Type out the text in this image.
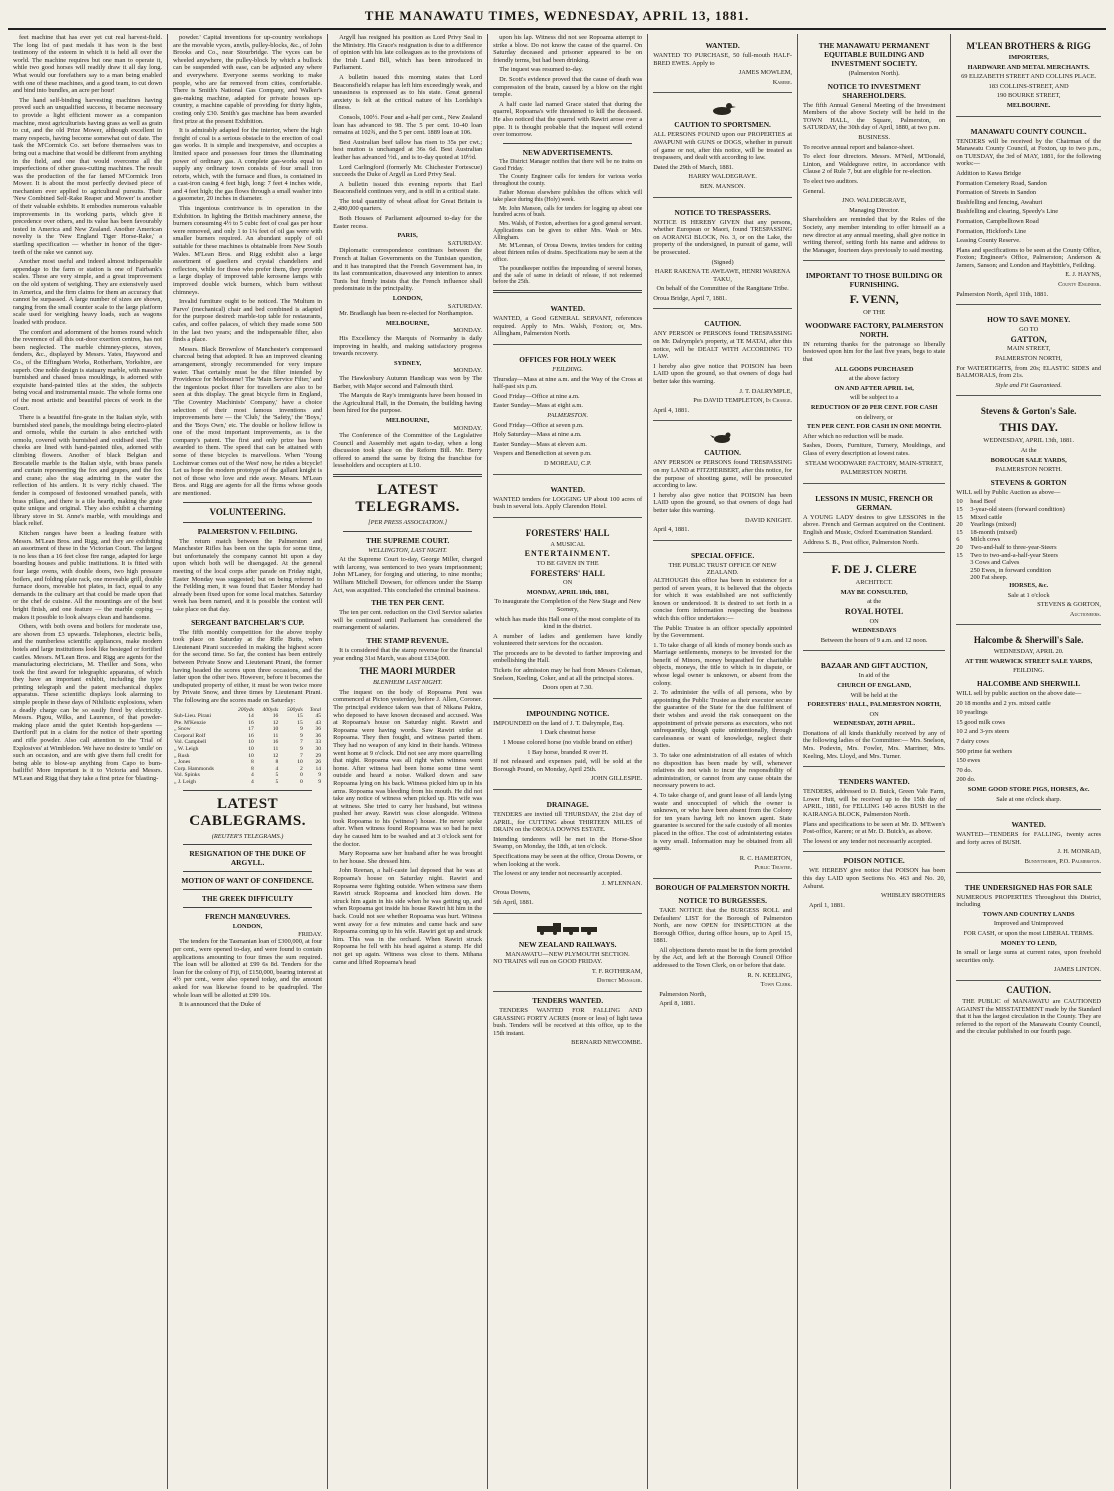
THE MANAWATU TIMES, WEDNESDAY, APRIL 13, 1881.

feet machine that has ever yet cut real harvest-field. The long list of past medals it has won is the best testimony of the esteem in which it is held all over the world. The machine requires but one man to operate it, while two good horses will readily draw it all day long. What would our forefathers say to a man being enabled with one of these machines, and a good team, to cut down and bind into bundles, an acre per hour!

The hand self-binding harvesting machines having proved such an unqualified success, it became necessary to provide a light efficient mower as a companion machine, most agriculturists having grass as well as grain to cut, and the old Prize Mower, although excellent in many respects, having become somewhat out of date. The task the M'Cormick Co. set before themselves was to bring out a machine that would be different from anything in the field, and one that would overcome all the imperfections of other grass-cutting machines. The result was the production of the far famed M'Cormick Iron Mower. It is about the most perfectly devised piece of mechanism ever applied to agricultural pursuits. Their 'New Combined Self-Rake Reaper and Mower' is another of their valuable exhibits. It embodies numerous valuable improvements in its working parts, which give it precedence over others, and its value has been favourably tested in America and New Zealand. Another American novelty is the 'New England Tiger Horse-Rake,' a startling specification — whether in honor of the tiger-teeth of the rake we cannot say.

Another most useful and indeed almost indispensable appendage to the farm or station is one of Fairbank's scales. These are very simple, and a great improvement on the old system of weighing. They are extensively used in America, and the firm claims for them an accuracy that cannot be surpassed. A large number of sizes are shown, ranging from the small counter scale to the large platform scale used for weighing heavy loads, such as wagons loaded with produce.

The comfort and adornment of the homes round which the reverence of all this out-door exertion centres, has not been neglected. The marble chimney-pieces, stoves, fenders, &c., displayed by Messrs. Yates, Haywood and Co., of the Effingham Works, Rotherham, Yorkshire, are superb. One noble design is statuary marble, with massive burnished and chased brass mouldings, is adorned with exquisite hand-painted tiles at the sides, the subjects being vocal and instrumental music. The whole forms one of the most artistic and beautiful pieces of work in the Court.

There is a beautiful fire-grate in the Italian style, with burnished steel panels, the mouldings being electro-plated and ormolu, while the curtain is also enriched with ormolu, covered with burnished and oxidised steel. The cheeks are lined with hand-painted tiles, adorned with climbing flowers. Another of black Belgian and Brocatelle marble is the Italian style, with brass panels and curtain representing the fox and grapes, and the fox and crane; also the stag admiring in the water the reflection of his antlers. It is very richly chased. The fender is composed of festooned wreathed panels, with brass pillars, and there is a tile hearth, making the grate quite unique and original. They also exhibit a charming library stove in St. Anne's marble, with mouldings and black relief.

Kitchen ranges have been a leading feature with Messrs. M'Lean Bros. and Rigg, and they are exhibiting an assortment of these in the Victorian Court. The largest is no less than a 16 feet close fire range, adapted for large boarding houses and public institutions. It is fitted with four large ovens, with double doors, two high pressure boilers, and folding plate rack, one moveable grill, double furnace doors, movable hot plates, in fact, equal to any demands in the culinary art that could be made upon that or the chef de cuisine. All the mountings are of the best bright finish, and one feature — the marble coping — makes it possible to look always clean and handsome.

Others, with both ovens and boilers for moderate use, are shown from £3 upwards. Telephones, electric bells, and the numberless scientific appliances, make modern hotels and large institutions look like besieged or fortified castles. Messrs. M'Lean Bros. and Rigg are agents for the manufacturing electricians, M. Theiller and Sons, who took the first award for telegraphic apparatus, of which they have an important exhibit, including the type printing telegraph and the patent mechanical duplex apparatus. These scientific displays look alarming to simple people in these days of Nihilistic explosions, when a deadly charge can be so easily fired by electricity. Messrs. Pigou, Wilks, and Laurence, of that powder-making place amid the quiet Kentish hop-gardens — Dartford! put in a claim for the notice of their sporting and rifle powder. Also call attention to the 'Trial of Explosives' at Wimbledon. We have no desire to 'smile' on such an occasion, and are with give them full credit for being able to blow-up anything from Capo to bum-bailiffs! More important is it to Victoria and Messrs. M'Lean and Rigg that they take a first prize for 'blasting-

powder.' Capital inventions for up-country workshops are the movable vyces, anvils, pulley-blocks, &c., of John Brooks and Co., near Stourbridge. The vyces can be wheeled anywhere, the pulley-block by which a bullock can be suspended with ease, can be adjusted any where and everywhere. Everyone seems working to make people, who are far removed from cities, comfortable. There is Smith's National Gas Company, and Walker's gas-making machine, adapted for private houses up-country, a machine capable of providing for thirty lights, costing only £30. Smith's gas machine has been awarded first prize at the present Exhibition.

It is admirably adapted for the interior, where the high freight of coal is a serious obstacle to the erection of coal gas works. It is simple and inexpensive, and occupies a limited space and possesses four times the illuminating power of ordinary gas. A complete gas-works equal to supply any ordinary town consists of four small iron retorts, which, with the furnace and flues, is contained in a cast-iron casing 4 feet high, long: 7 feet 4 inches wide, and 4 feet high; the gas flows through a small washer into a gasometer, 20 inches in diameter.

This ingenious contrivance is in operation in the Exhibition. In lighting the British machinery annexe, the burners consuming 4½ to 5 cubic feet of coal gas per hour were removed, and only 1 to 1¼ feet of oil gas were with smaller burners required. An abundant supply of oil suitable for these machines is obtainable from New South Wales. M'Lean Bros. and Rigg exhibit also a large assortment of gaseliers and crystal chandeliers and reflectors, while for those who prefer them, they provide a large display of improved table kerosene lamps with improved double wick burners, which burn without chimneys.

Invalid furniture ought to be noticed. The 'Multum in Parvo' (mechanical) chair and bed combined is adapted for the purpose desired: marble-top table for restaurants, cafes, and coffee palaces, of which they made some 500 in the last two years; and the indispensable filter, also finds a place.

Messrs. Black Brownlow of Manchester's compressed charcoal being that adopted. It has an improved cleaning arrangement, strongly recommended for very impure water. That certainly must be the filter intended by Providence for Melbourne! The 'Main Service Filter,' and the ingenious pocket filter for travellers are also to be seen at this display. The great bicycle firm in England, 'The Coventry Machinists' Company,' have a choice selection of their most famous inventions and improvements here — the 'Club,' the 'Safety,' the 'Boys,' and the 'Boys Own,' etc. The double or hollow fellow is one of the most important improvements, as is the company's patent. The first and only prize has been awarded to them. The speed that can be attained with some of these bicycles is marvellous. When 'Young Lochinvar comes out of the West' now, he rides a bicycle! Let us hope the modern prototype of the gallant knight is not of those who love and ride away. Messrs. M'Lean Bros. and Rigg are agents for all the firms whose goods are mentioned.

VOLUNTEERING.
PALMERSTON V. FEILDING.

The return match between the Palmerston and Manchester Rifles has been on the tapis for some time, but unfortunately the company cannot hit upon a day upon which both will be disengaged. At the general meeting of the local corps after parade on Friday night, Easter Monday was suggested; but on being referred to the Feilding men, it was found that Easter Monday had already been fixed upon for some local matches. Saturday week has been named, and it is possible the contest will take place on that day.

SERGEANT BATCHELAR'S CUP.

The fifth monthly competition for the above trophy took place on Saturday at the Rifle Butts, when Lieutenant Pirani succeeded in making the highest score for the second time. So far, the contest has been entirely between Private Snow and Lieutenant Pirani, the former having headed the scores upon three occasions, and the latter upon the other two. However, before it becomes the undisputed property of either, it must be won twice more by Private Snow, and three times by Lieutenant Pirani. The following are the scores made on Saturday:

	200yds	400yds	500yds	Total
Sub-Lieu. Pirani	14	16	15	45
Pte. M'Kenzie	16	12	15	43
„ Snow	17	10	9	36
Corporal Rolf	16	11	9	36
Vol. Campbell	10	16	7	33
„ W. Leigh	10	11	9	30
„ Rush	10	12	7	29
„ Jones	8	8	10	26
Corp. Hammonds	8	4	2	14
Vol. Spinks	4	5	0	9
„ J. Leigh	4	5	0	9
LATEST CABLEGRAMS.
(REUTER'S TELEGRAMS.)
RESIGNATION OF THE DUKE OF ARGYLL.
MOTION OF WANT OF CONFIDENCE.
THE GREEK DIFFICULTY
FRENCH MANŒUVRES.
LONDON,
FRIDAY.

The tenders for the Tasmanian loan of £300,000, at four per cent., were opened to-day, and were found to contain applications amounting to four times the sum required. The loan will be allotted at £99 6s 8d. Tenders for the loan for the colony of Fiji, of £150,000, bearing interest at 4½ per cent., were also opened today, and the amount asked for was likewise found to be quadrupled. The whole loan will be allotted at £99 10s.

It is announced that the Duke of

Argyll has resigned his position as Lord Privy Seal in the Ministry. His Grace's resignation is due to a difference of opinion with his late colleagues as to the provisions of the Irish Land Bill, which has been introduced in Parliament.

A bulletin issued this morning states that Lord Beaconsfield's relapse has left him exceedingly weak, and uneasiness is expressed as to his state. Great general anxiety is felt at the critical nature of his Lordship's illness.

Consols, 100½. Four and a-half per cent., New Zealand loan has advanced to 98. The 5 per cent. 10-40 loan remains at 102¾, and the 5 per cent. 1889 loan at 106.

Best Australian beef tallow has risen to 35s per cwt.; best mutton is unchanged at 36s 6d. Best Australian leather has advanced ½d., and is to-day quoted at 10½d.

Lord Carlingford (formerly Mr. Chichester Fortescue) succeeds the Duke of Argyll as Lord Privy Seal.

A bulletin issued this evening reports that Earl Beaconsfield continues very, and is still in a critical state.

The total quantity of wheat afloat for Great Britain is 2,480,000 quarters.

Both Houses of Parliament adjourned to-day for the Easter recess.

PARIS,
SATURDAY.

Diplomatic correspondence continues between the French at Italian Governments on the Tunisian question, and it has transpired that the French Government has, in its last communication, disavowed any intention to annex Tunis but firmly insists that the French influence shall predominate in the principality.

LONDON,
SATURDAY.

Mr. Bradlaugh has been re-elected for Northampton.

MELBOURNE,
MONDAY.

His Excellency the Marquis of Normanby is daily improving in health, and making satisfactory progress towards recovery.

SYDNEY,
MONDAY.

The Hawkesbury Autumn Handicap was won by The Barber, with Major second and Falmouth third.

The Marquis de Ray's immigrants have been housed in the Agricultural Hall, in the Domain, the building having been hired for the purpose.

MELBOURNE,
MONDAY.

The Conference of the Committee of the Legislative Council and Assembly met again to-day, when a long discussion took place on the Reform Bill. Mr. Berry offered to amend the same by fixing the franchise for lesseholders and occupiers at L10.

LATEST TELEGRAMS.
[PER PRESS ASSOCIATION.]
THE SUPREME COURT.
WELLINGTON, LAST NIGHT.

At the Supreme Court to-day, George Miller, charged with larceny, was sentenced to two years imprisonment; John M'Laney, for forging and uttering, to nine months; William Mitchell Dowsen, for offences under the Stamp Act, was acquitted. This concluded the criminal business.

THE TEN PER CENT.

The ten per cent. reduction on the Civil Service salaries will be continued until Parliament has considered the rearrangement of salaries.

THE STAMP REVENUE.

It is considered that the stamp revenue for the financial year ending 31st March, was about £134,000.

THE MAORI MURDER
BLENHEIM LAST NIGHT.

The inquest on the body of Ropoama Peni was commenced at Picton yesterday, before J. Allen, Coroner. The principal evidence taken was that of Nikana Pakira, who deposed to have known deceased and accused. Was at Ropoama's house on Saturday night. Rawiri and Ropoama were having words. Saw Rawiri strike at Ropoama. They then fought, and witness parted them. They had no weapon of any kind in their hands. Witness went home at 9 o'clock. Did not see any more quarrelling that night. Ropoama was all right when witness went home. After witness had been home some time went outside and heard a noise. Walked down and saw Ropoama lying on his back. Witness picked him up in his arms. Ropoama was bleeding from his mouth. He did not take any notice of witness when picked up. His wife was at witness. She tried to carry her husband, but witness pushed her away. Rawiri was close alongside. Witness took Ropoama to his (witness') house. He never spoke after. When witness found Ropoama was so bad he next day he caused him to be washed and at 3 o'clock sent for the doctor.

Mary Ropoama saw her husband after he was brought to her house. She dressed him.

John Reenan, a half-caste lad deposed that he was at Ropoama's house on Saturday night. Rawiri and Ropoama were fighting outside. When witness saw them Rawiri struck Ropoama and knocked him down. He struck him again in his side when he was getting up, and when Ropoama got inside his house Rawiri hit him in the back. Could not see whether Ropoama was hurt. Witness went away for a few minutes and came back and saw Ropoama coming up to his wife. Rawiri got up and struck him. This was in the orchard. When Rawiri struck Ropoama he fell with his head against a stump. He did not get up again. Witness was close to them. Mihana came and lifted Ropoama's head

upon his lap. Witness did not see Ropoama attempt to strike a blow. Do not know the cause of the quarrel. On Saturday deceased and prisoner appeared to be on friendly terms, but had been drinking.

The inquest was resumed to-day.

Dr. Scott's evidence proved that the cause of death was compression of the brain, caused by a blow on the right temple.

A half caste lad named Grace stated that during the quarrel, Ropoama's wife threatened to kill the deceased. He also noticed that the quarrel with Rawiri arose over a pipe. It is thought probable that the inquest will extend over tomorrow.

NEW ADVERTISEMENTS.

The District Manager notifies that there will be no trains on Good Friday.

The County Engineer calls for tenders for various works throughout the county.

Father Moreau elsewhere publishes the offices which will take place during this (Holy) week.

Mr. John Manson, calls for tenders for logging up about one hundred acres of bush.

Mrs. Walsh, of Foxton, advertises for a good general servant. Applications can be given to either Mrs. Wash or Mrs. Allingham.

Mr. M'Lennan, of Oroua Downs, invites tenders for cutting about thirteen miles of drains. Specifications may be seen at the office.

The poundkeeper notifies the impounding of several horses, and the sale of same in default of release, if not redeemed before the 25th.

WANTED.

WANTED, a Good GENERAL SERVANT, references required. Apply to Mrs. Walsh, Foxton; or, Mrs. Allingham, Palmerston North.

OFFICES FOR HOLY WEEK
FEILDING.

Thursday—Mass at nine a.m. and the Way of the Cross at half-past six p.m.

Good Friday—Office at nine a.m.

Easter Sunday—Mass at eight a.m.

PALMERSTON.

Good Friday—Office at seven p.m.

Holy Saturday—Mass at nine a.m.

Easter Sunday—Mass at eleven a.m.

Vespers and Benediction at seven p.m.

D MOREAU, C.P.

WANTED.

WANTED tenders for LOGGING UP about 100 acres of bush in several lots. Apply Clarendon Hotel.

FORESTERS' HALL

A MUSICAL

ENTERTAINMENT.

TO BE GIVEN IN THE

FORESTERS' HALL

ON

MONDAY, APRIL 18th, 1881,

To inaugurate the Completion of the New Stage and New Scenery,

which has made this Hall one of the most complete of its kind in the district.

A number of ladies and gentlemen have kindly volunteered their services for the occasion.

The proceeds are to be devoted to farther improving and embellishing the Hall.

Tickets for admission may be had from Messrs Coleman, Snelson, Keeling, Coker, and at all the principal stores.

Doors open at 7.30.

IMPOUNDING NOTICE.

IMPOUNDED on the land of J. T. Dalrymple, Esq.

1 Dark chestnut horse

1 Mouse colored horse (no visible brand on either)

1 Bay horse, branded R over H.

If not released and expenses paid, will be sold at the Borough Pound, on Monday, April 25th.

JOHN GILLESPIE.

DRAINAGE.

TENDERS are invited till THURSDAY, the 21st day of APRIL, for CUTTING about THIRTEEN MILES of DRAIN on the OROUA DOWNS ESTATE.

Intending tenderers will be met in the Horse-Shoe Swamp, on Monday, the 18th, at ten o'clock.

Specifications may be seen at the office, Oroua Downs, or when looking at the work.

The lowest or any tender not necessarily accepted.

J. M'LENNAN.

Oroua Downs,

5th April, 1881.

NEW ZEALAND RAILWAYS.
MANAWATU—NEW PLYMOUTH SECTION.

NO TRAINS will run on GOOD FRIDAY.

T. F. ROTHERAM,

District Manager.

TENDERS WANTED.

TENDERS WANTED FOR FALLING AND GRASSING FORTY ACRES (more or less) of light tawa bush. Tenders will be received at this office, up to the 15th instant.

BERNARD NEWCOMBE.

WANTED.

WANTED TO PURCHASE, 50 full-mouth HALF-BRED EWES. Apply to

JAMES MOWLEM,

Karere.

CAUTION TO SPORTSMEN.

ALL PERSONS FOUND upon our PROPERTIES at AWAPUNI with GUNS or DOGS, whether in pursuit of game or not, after this notice, will be treated as trespassers, and dealt with according to law.

Dated the 29th of March, 1881.

HARRY WALDEGRAVE.

BEN. MANSON.

NOTICE TO TRESPASSERS.

NOTICE IS HEREBY GIVEN that any persons, whether European or Maori, found TRESPASSING on AORANGI BLOCK, No. 3, or on the Lake, the property of the undersigned, in pursuit of game, will be prosecuted.

(Signed)

HARE RAKENA TE AWEAWE, HENRI WARENA TAKU,

On behalf of the Committee of the Rangitane Tribe.

Oroua Bridge, April 7, 1881.

CAUTION.

ANY PERSON or PERSONS found TRESPASSING on Mr. Dalrymple's property, at TE MATAI, after this notice, will be DEALT WITH ACCORDING TO LAW.

I hereby also give notice that POISON has been LAID upon the ground, so that owners of dogs had better take this warning.

J. T. DALRYMPLE,

Per DAVID TEMPLETON, In Charge.

April 4, 1881.

CAUTION.

ANY PERSON or PERSONS found TRESPASSING on my LAND at FITZHERBERT, after this notice, for the purpose of shooting game, will be prosecuted according to law.

I hereby also give notice that POISON has been LAID upon the ground, so that owners of dogs had better take this warning.

DAVID KNIGHT.

April 4, 1881.

SPECIAL OFFICE.
THE PUBLIC TRUST OFFICE OF NEW ZEALAND.

ALTHOUGH this office has been in existence for a period of seven years, it is believed that the objects for which it was established are not sufficiently known or understood. It is desired to set forth in a concise form information respecting the business which this office undertakes:—

The Public Trustee is an officer specially appointed by the Government.

1. To take charge of all kinds of money bonds such as Marriage settlements, moneys to be invested for the benefit of Minors, money bequeathed for charitable objects, moneys, the title to which is in dispute, or whose legal owner is unknown, or absent from the colony.

2. To administer the wills of all persons, who by appointing the Public Trustee as their executor secure the guarantee of the State for the due fulfilment of their wishes and avoid the risk consequent on the appointment of private persons as executors, who not unfrequently, though quite unintentionally, through carelessness or want of knowledge, neglect their duties.

3. To take one administration of all estates of which no disposition has been made by will, whenever relatives do not wish to incur the responsibility of administration, or cannot from any cause obtain the necessary powers to act.

4. To take charge of, and grant lease of all lands lying waste and unoccupied of which the owner is unknown, or who have been absent from the Colony for ten years having left no known agent. State guarantee is secured for the safe custody of all monies placed in the office. The cost of administering estates is very small. Information may be obtained from all agents.

R. C. HAMERTON,

Public Trustee.

BOROUGH OF PALMERSTON NORTH.
NOTICE TO BURGESSES.

TAKE NOTICE that the BURGESS ROLL and Defaulters' LIST for the Borough of Palmerston North, are now OPEN for INSPECTION at the Borough Office, during office hours, up to April 15, 1881.

All objections thereto must be in the form provided by the Act, and left at the Borough Council Office addressed to the Town Clerk, on or before that date.

R. N. KEELING,

Town Clerk.

Palmerston North,

April 8, 1881.

THE MANAWATU PERMANENT EQUITABLE BUILDING AND INVESTMENT SOCIETY.
(Palmerston North).
NOTICE TO INVESTMENT SHAREHOLDERS.

The fifth Annual General Meeting of the Investment Members of the above Society will be held in the TOWN HALL, the Square, Palmerston, on SATURDAY, the 30th day of April, 1880, at two p.m.

BUSINESS.

To receive annual report and balance-sheet.

To elect four directors. Messrs. M'Neil, M'Donald, Linton, and Waldegrave retire, in accordance with Clause 2 of Rule 7, but are eligible for re-election.

To elect two auditors.

General.

JNO. WALDERGRAVE,

Managing Director.

Shareholders are reminded that by the Rules of the Society, any member intending to offer himself as a new director at any annual meeting, shall give notice in writing thereof, setting forth his name and address to the Manager, fourteen days previously to said meeting.

IMPORTANT TO THOSE BUILDING OR FURNISHING.
F. VENN,

OF THE

WOODWARE FACTORY, PALMERSTON NORTH.

IN returning thanks for the patronage so liberally bestowed upon him for the last five years, begs to state that

ALL GOODS PURCHASED

at the above factory

ON AND AFTER APRIL 1st,

will be subject to a

REDUCTION OF 20 PER CENT. FOR CASH

on delivery, or

TEN PER CENT. FOR CASH IN ONE MONTH.

After which no reduction will be made.

Sashes, Doors, Furniture, Turnery, Mouldings, and Glass of every description at lowest rates.

STEAM WOODWARE FACTORY, MAIN-STREET,

PALMERSTON NORTH.

LESSONS IN MUSIC, FRENCH OR GERMAN.

A YOUNG LADY desires to give LESSONS in the above. French and German acquired on the Continent. English and Music, Oxford Examination Standard.

Address S. B., Post office, Palmerston North.

F. DE J. CLERE

ARCHITECT.

MAY BE CONSULTED,

at the

ROYAL HOTEL

ON

WEDNESDAYS

Between the hours of 9 a.m. and 12 noon.

BAZAAR AND GIFT AUCTION,

In aid of the

CHURCH OF ENGLAND,

Will be held at the

FORESTERS' HALL, PALMERSTON NORTH,

ON

WEDNESDAY, 20TH APRIL.

Donations of all kinds thankfully received by any of the following ladies of the Committee:— Mrs. Snelson, Mrs. Podevin, Mrs. Fowler, Mrs. Marriner, Mrs. Keeling, Mrs. Lloyd, and Mrs. Turner.

TENDERS WANTED.

TENDERS, addressed to D. Buick, Green Vale Farm, Lower Hutt, will be received up to the 15th day of APRIL, 1881, for FELLING 140 acres BUSH in the KAIRANGA BLOCK, Palmerston North.

Plans and specifications to be seen at Mr. D. M'Ewen's Post-office, Karere; or at Mr. D. Buick's, as above.

The lowest or any tender not necessarily accepted.

POISON NOTICE.

WE HEREBY give notice that POISON has been this day LAID upon Sections No. 463 and No. 20, Ashurst.

WHIBLEY BROTHERS

April 1, 1881.

M'LEAN BROTHERS & RIGG

IMPORTERS,

HARDWARE AND METAL MERCHANTS.

69 ELIZABETH STREET AND COLLINS PLACE.

183 COLLINS-STREET, AND

190 BOURKE STREET,

MELBOURNE.

MANAWATU COUNTY COUNCIL.

TENDERS will be received by the Chairman of the Manawatu County Council, at Foxton, up to two p.m., on TUESDAY, the 3rd of MAY, 1881, for the following works:—

Addition to Kawa Bridge

Formation Cemetery Road, Sandon

Formation of Streets in Sandon

Bushfelling and fencing, Awahuri

Bushfelling and clearing, Speedy's Line

Formation, Campbelltown Road

Formation, Hickford's Line

Leasing County Reserve.

Plans and specifications to be seen at the County Office, Foxton; Engineer's Office, Palmerston; Anderson & Jamers, Sanson; and London and Haybittle's, Feilding.

E. J. HAYNS,

County Engineer.

Palmerston North, April 11th, 1881.

HOW TO SAVE MONEY.

GO TO

GATTON,

MAIN STREET,

PALMERSTON NORTH,

For WATERTIGHTS, from 20s; ELASTIC SIDES and BALMORALS, from 21s.

Style and Fit Guaranteed.

Stevens & Gorton's Sale.
THIS DAY.

WEDNESDAY, APRIL 13th, 1881.

At the

BOROUGH SALE YARDS,

PALMERSTON NORTH.

STEVENS & GORTON

WILL sell by Public Auction as above—

10	head Beef
15	3-year-old steers (forward condition)
15	Mixed cattle
20	Yearlings (mixed)
15	18-month (mixed)
6	Milch cows
20	Two-and-half to three-year-Steers
15	Two to two-and-a-half-year Steers
3 Cows and Calves
250 Ewes, in forward condition
200 Fat sheep.

HORSES, &c.

Sale at 1 o'clock

STEVENS & GORTON,

Auctioneers.

Halcombe & Sherwill's Sale.

WEDNESDAY, APRIL 20.

AT THE WARWICK STREET SALE YARDS,

FEILDING.

HALCOMBE AND SHERWILL

WILL sell by public auction on the above date—

20 18 months and 2 yrs. mixed cattle

10 yearlings

15 good milk cows

10 2 and 3-yrs steers

7 dairy cows

500 prime fat wethers

150 ewes

70 do.

200 do.

SOME GOOD STORE PIGS, HORSES, &c.

Sale at one o'clock sharp.

WANTED.

WANTED—TENDERS for FALLING, twenty acres and forty acres of BUSH.

J. H. MONRAD,

Bunnythorpe, P.O. Palmerston.

THE UNDERSIGNED HAS FOR SALE

NUMEROUS PROPERTIES Throughout this District, including

TOWN AND COUNTRY LANDS

Improved and Unimproved

FOR CASH, or upon the most LIBERAL TERMS.

MONEY TO LEND,

In small or large sums at current rates, upon freehold securities only.

JAMES LINTON.

CAUTION.

THE PUBLIC of MANAWATU are CAUTIONED AGAINST the MISSTATEMENT made by the Standard that it has the largest circulation in the County. They are referred to the report of the Manawatu County Council, and the circular published in our fourth page.
